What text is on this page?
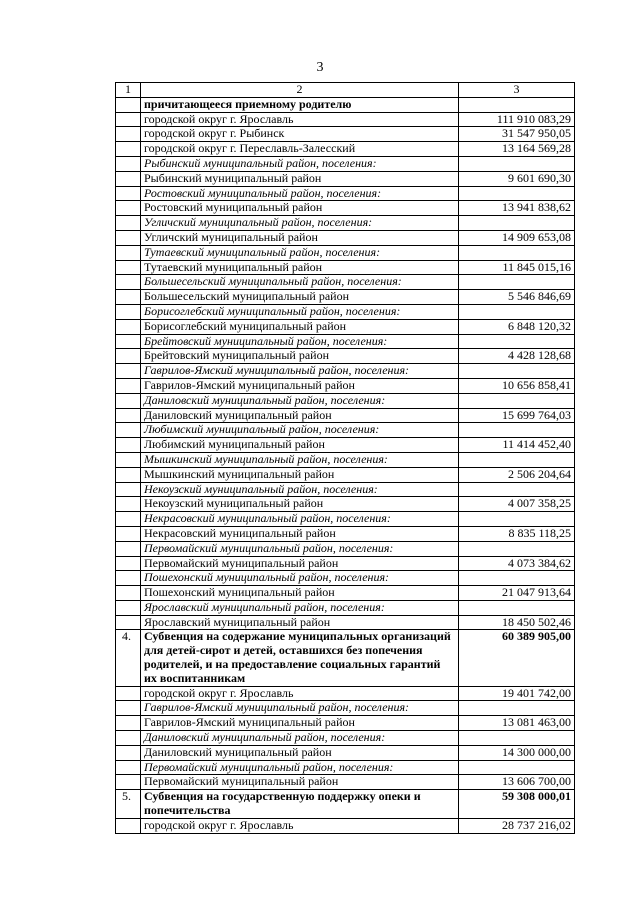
3
1	2	3
	причитающееся приемному родителю	
	городской округ г. Ярославль	111 910 083,29
	городской округ г. Рыбинск	31 547 950,05
	городской округ г. Переславль-Залесский	13 164 569,28
	Рыбинский муниципальный район, поселения:	
	Рыбинский муниципальный район	9 601 690,30
	Ростовский муниципальный район, поселения:	
	Ростовский муниципальный район	13 941 838,62
	Угличский муниципальный район, поселения:	
	Угличский муниципальный район	14 909 653,08
	Тутаевский муниципальный район, поселения:	
	Тутаевский муниципальный район	11 845 015,16
	Большесельский муниципальный район, поселения:	
	Большесельский муниципальный район	5 546 846,69
	Борисоглебский муниципальный район, поселения:	
	Борисоглебский муниципальный район	6 848 120,32
	Брейтовский муниципальный район, поселения:	
	Брейтовский муниципальный район	4 428 128,68
	Гаврилов-Ямский муниципальный район, поселения:	
	Гаврилов-Ямский муниципальный район	10 656 858,41
	Даниловский муниципальный район, поселения:	
	Даниловский муниципальный район	15 699 764,03
	Любимский муниципальный район, поселения:	
	Любимский муниципальный район	11 414 452,40
	Мышкинский муниципальный район, поселения:	
	Мышкинский муниципальный район	2 506 204,64
	Некоузский муниципальный район, поселения:	
	Некоузский муниципальный район	4 007 358,25
	Некрасовский муниципальный район, поселения:	
	Некрасовский муниципальный район	8 835 118,25
	Первомайский муниципальный район, поселения:	
	Первомайский муниципальный район	4 073 384,62
	Пошехонский муниципальный район, поселения:	
	Пошехонский муниципальный район	21 047 913,64
	Ярославский муниципальный район, поселения:	
	Ярославский муниципальный район	18 450 502,46
4.	Субвенция на содержание муниципальных организаций для детей-сирот и детей, оставшихся без попечения родителей, и на предоставление социальных гарантий их воспитанникам	60 389 905,00
	городской округ г. Ярославль	19 401 742,00
	Гаврилов-Ямский муниципальный район, поселения:	
	Гаврилов-Ямский муниципальный район	13 081 463,00
	Даниловский муниципальный район, поселения:	
	Даниловский муниципальный район	14 300 000,00
	Первомайский муниципальный район, поселения:	
	Первомайский муниципальный район	13 606 700,00
5.	Субвенция на государственную поддержку опеки и попечительства	59 308 000,01
	городской округ г. Ярославль	28 737 216,02
